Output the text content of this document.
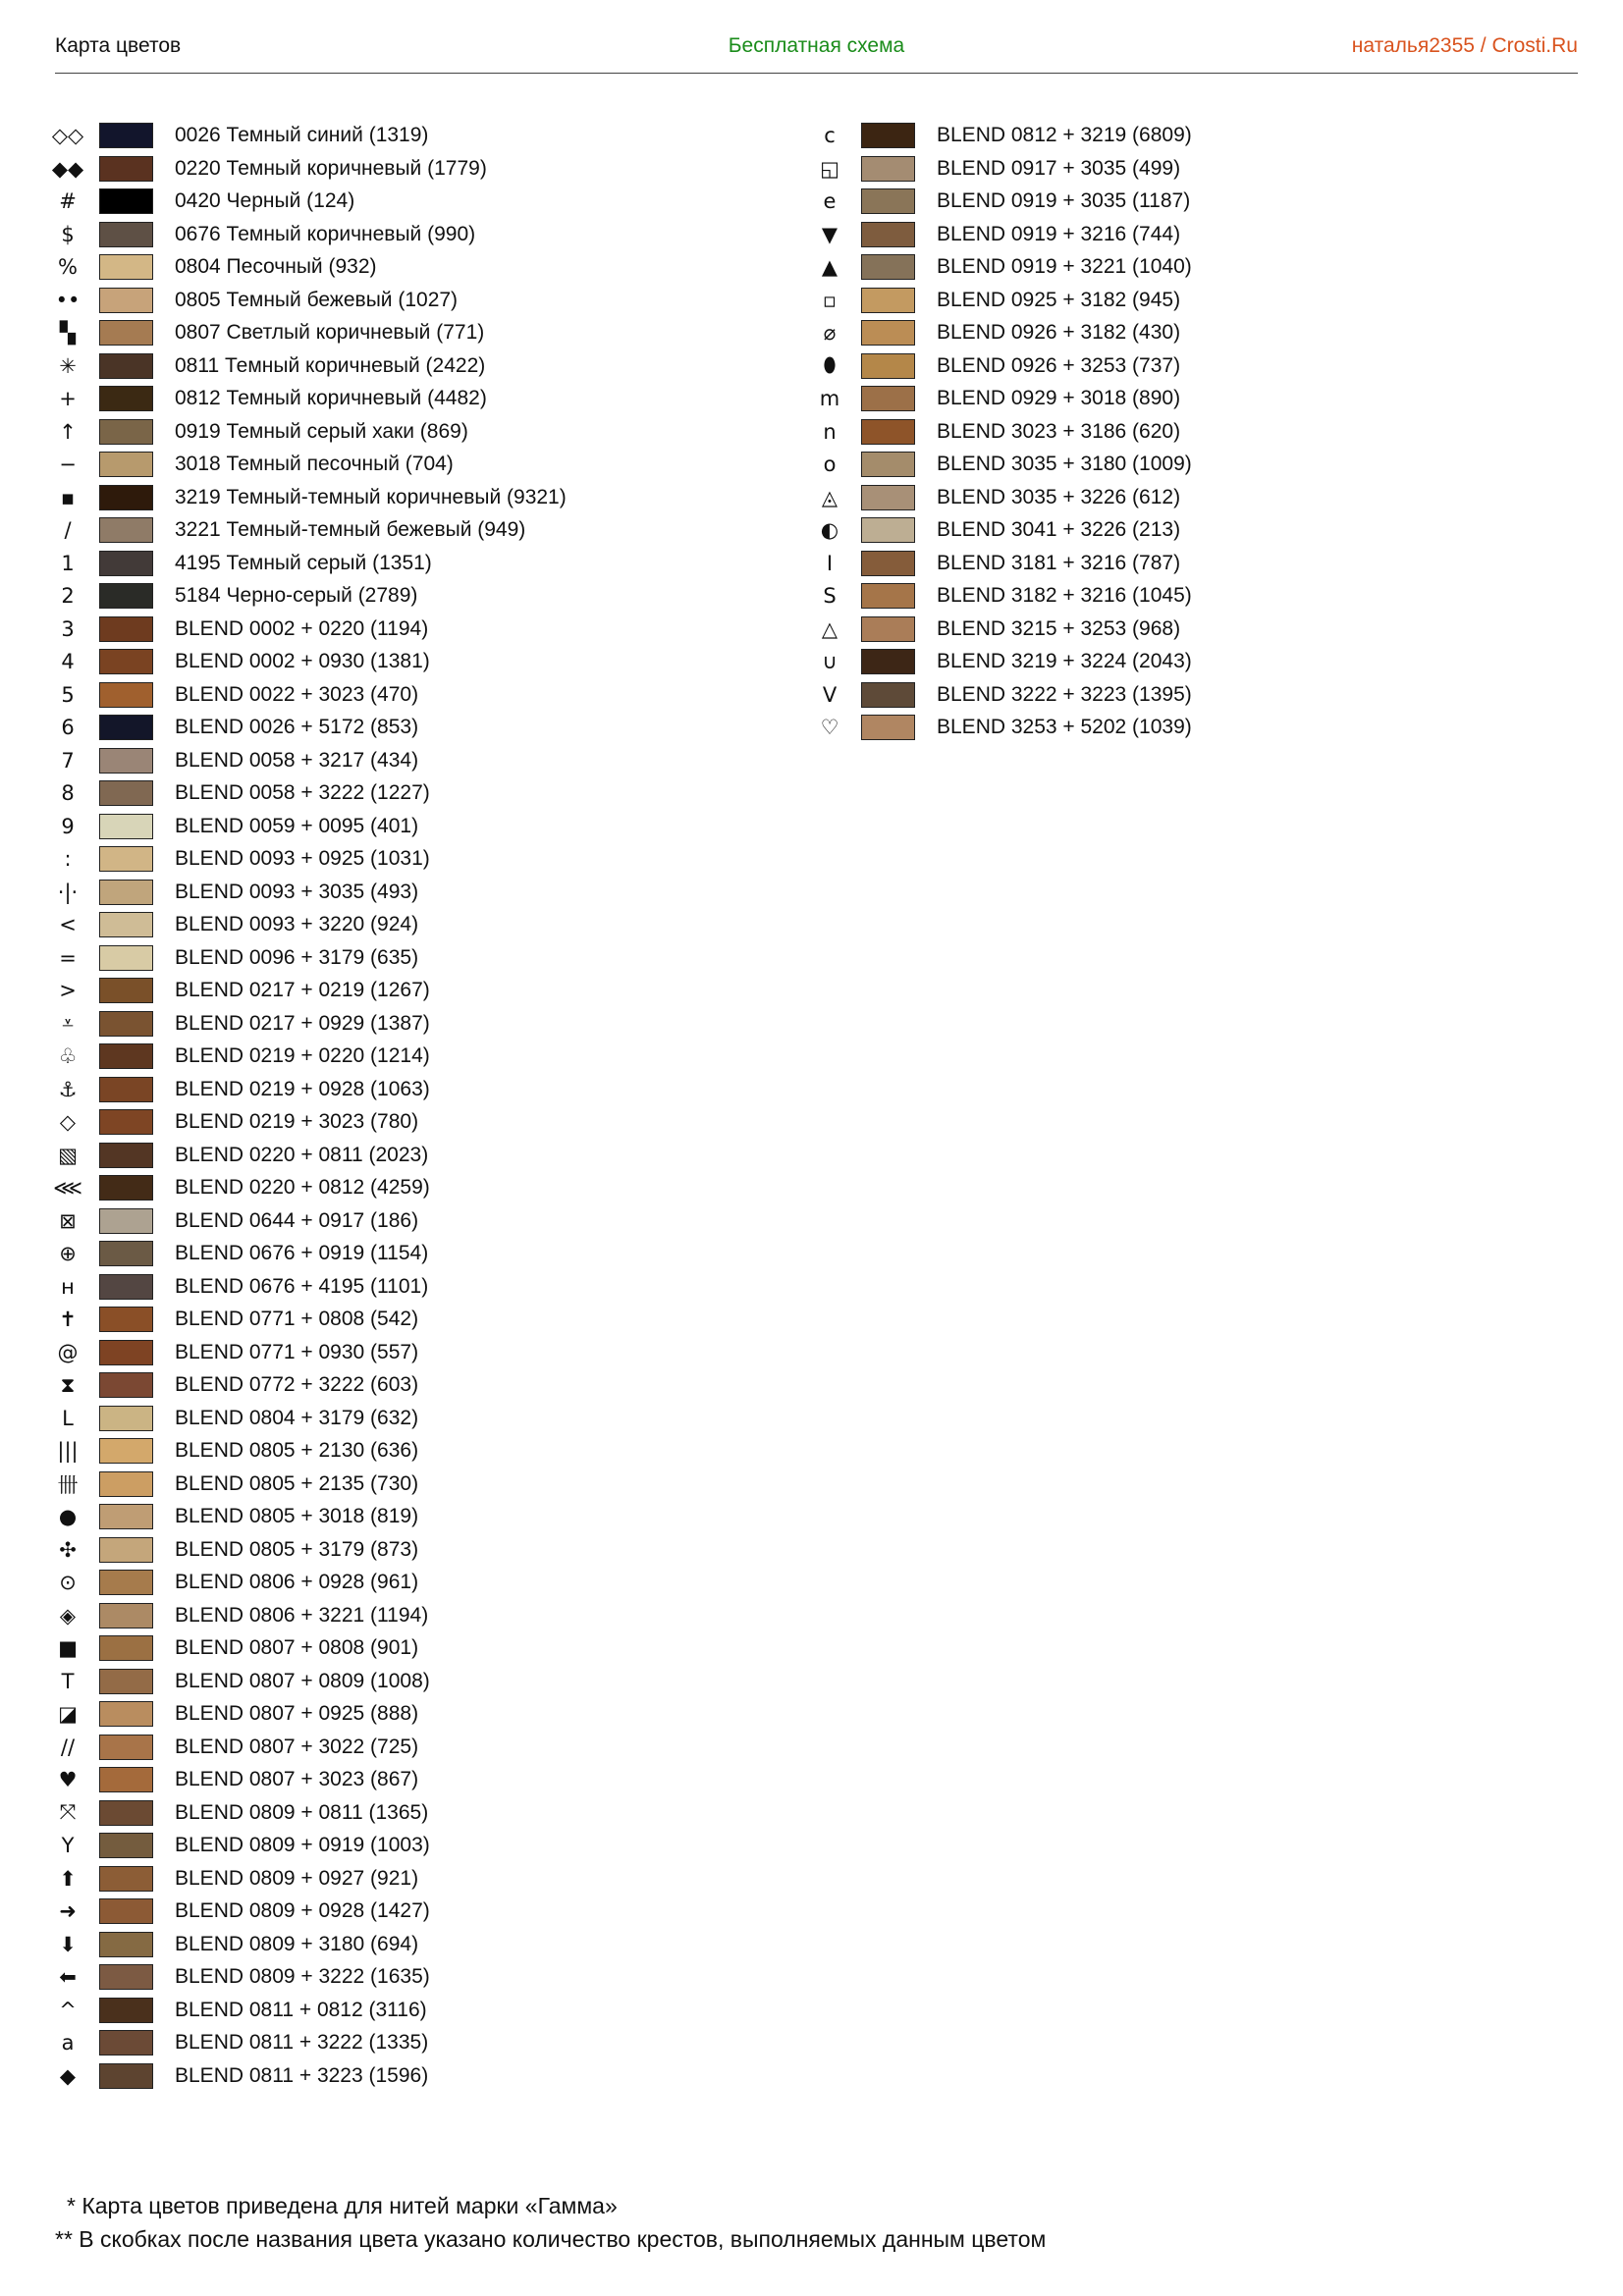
Карта цветов	Бесплатная схема	наталья2355 / Crosti.Ru
◇◇	0026 Темный синий (1319)
◆◆	0220 Темный коричневый (1779)
#	0420 Черный (124)
$	0676 Темный коричневый (990)
%	0804 Песочный (932)
••	0805 Темный бежевый (1027)
▚	0807 Светлый коричневый (771)
✳	0811 Темный коричневый (2422)
+	0812 Темный коричневый (4482)
↑	0919 Темный серый хаки (869)
−	3018 Темный песочный (704)
▪	3219 Темный-темный коричневый (9321)
/	3221 Темный-темный бежевый (949)
1	4195 Темный серый (1351)
2	5184 Черно-серый (2789)
3	BLEND 0002 + 0220 (1194)
4	BLEND 0002 + 0930 (1381)
5	BLEND 0022 + 3023 (470)
6	BLEND 0026 + 5172 (853)
7	BLEND 0058 + 3217 (434)
8	BLEND 0058 + 3222 (1227)
9	BLEND 0059 + 0095 (401)
:	BLEND 0093 + 0925 (1031)
·|·	BLEND 0093 + 3035 (493)
<	BLEND 0093 + 3220 (924)
=	BLEND 0096 + 3179 (635)
>	BLEND 0217 + 0219 (1267)
⩡	BLEND 0217 + 0929 (1387)
♧	BLEND 0219 + 0220 (1214)
⚓	BLEND 0219 + 0928 (1063)
◇	BLEND 0219 + 3023 (780)
▧	BLEND 0220 + 0811 (2023)
⋘	BLEND 0220 + 0812 (4259)
⊠	BLEND 0644 + 0917 (186)
⊕	BLEND 0676 + 0919 (1154)
н	BLEND 0676 + 4195 (1101)
✝	BLEND 0771 + 0808 (542)
@	BLEND 0771 + 0930 (557)
⧗	BLEND 0772 + 3222 (603)
L	BLEND 0804 + 3179 (632)
|||	BLEND 0805 + 2130 (636)
卌	BLEND 0805 + 2135 (730)
●	BLEND 0805 + 3018 (819)
✣	BLEND 0805 + 3179 (873)
⊙	BLEND 0806 + 0928 (961)
◈	BLEND 0806 + 3221 (1194)
■	BLEND 0807 + 0808 (901)
T	BLEND 0807 + 0809 (1008)
◪	BLEND 0807 + 0925 (888)
//	BLEND 0807 + 3022 (725)
♥	BLEND 0807 + 3023 (867)
⤧	BLEND 0809 + 0811 (1365)
Y	BLEND 0809 + 0919 (1003)
⬆	BLEND 0809 + 0927 (921)
➜	BLEND 0809 + 0928 (1427)
⬇	BLEND 0809 + 3180 (694)
⬅	BLEND 0809 + 3222 (1635)
^	BLEND 0811 + 0812 (3116)
a	BLEND 0811 + 3222 (1335)
◆	BLEND 0811 + 3223 (1596)
c	BLEND 0812 + 3219 (6809)
◱	BLEND 0917 + 3035 (499)
e	BLEND 0919 + 3035 (1187)
▼	BLEND 0919 + 3216 (744)
▲	BLEND 0919 + 3221 (1040)
▫	BLEND 0925 + 3182 (945)
⌀	BLEND 0926 + 3182 (430)
⬮	BLEND 0926 + 3253 (737)
m	BLEND 0929 + 3018 (890)
n	BLEND 3023 + 3186 (620)
o	BLEND 3035 + 3180 (1009)
◬	BLEND 3035 + 3226 (612)
◐	BLEND 3041 + 3226 (213)
I	BLEND 3181 + 3216 (787)
S	BLEND 3182 + 3216 (1045)
△	BLEND 3215 + 3253 (968)
∪	BLEND 3219 + 3224 (2043)
V	BLEND 3222 + 3223 (1395)
♡	BLEND 3253 + 5202 (1039)
* Карта цветов приведена для нитей марки «Гамма»
** В скобках после названия цвета указано количество крестов, выполняемых данным цветом
